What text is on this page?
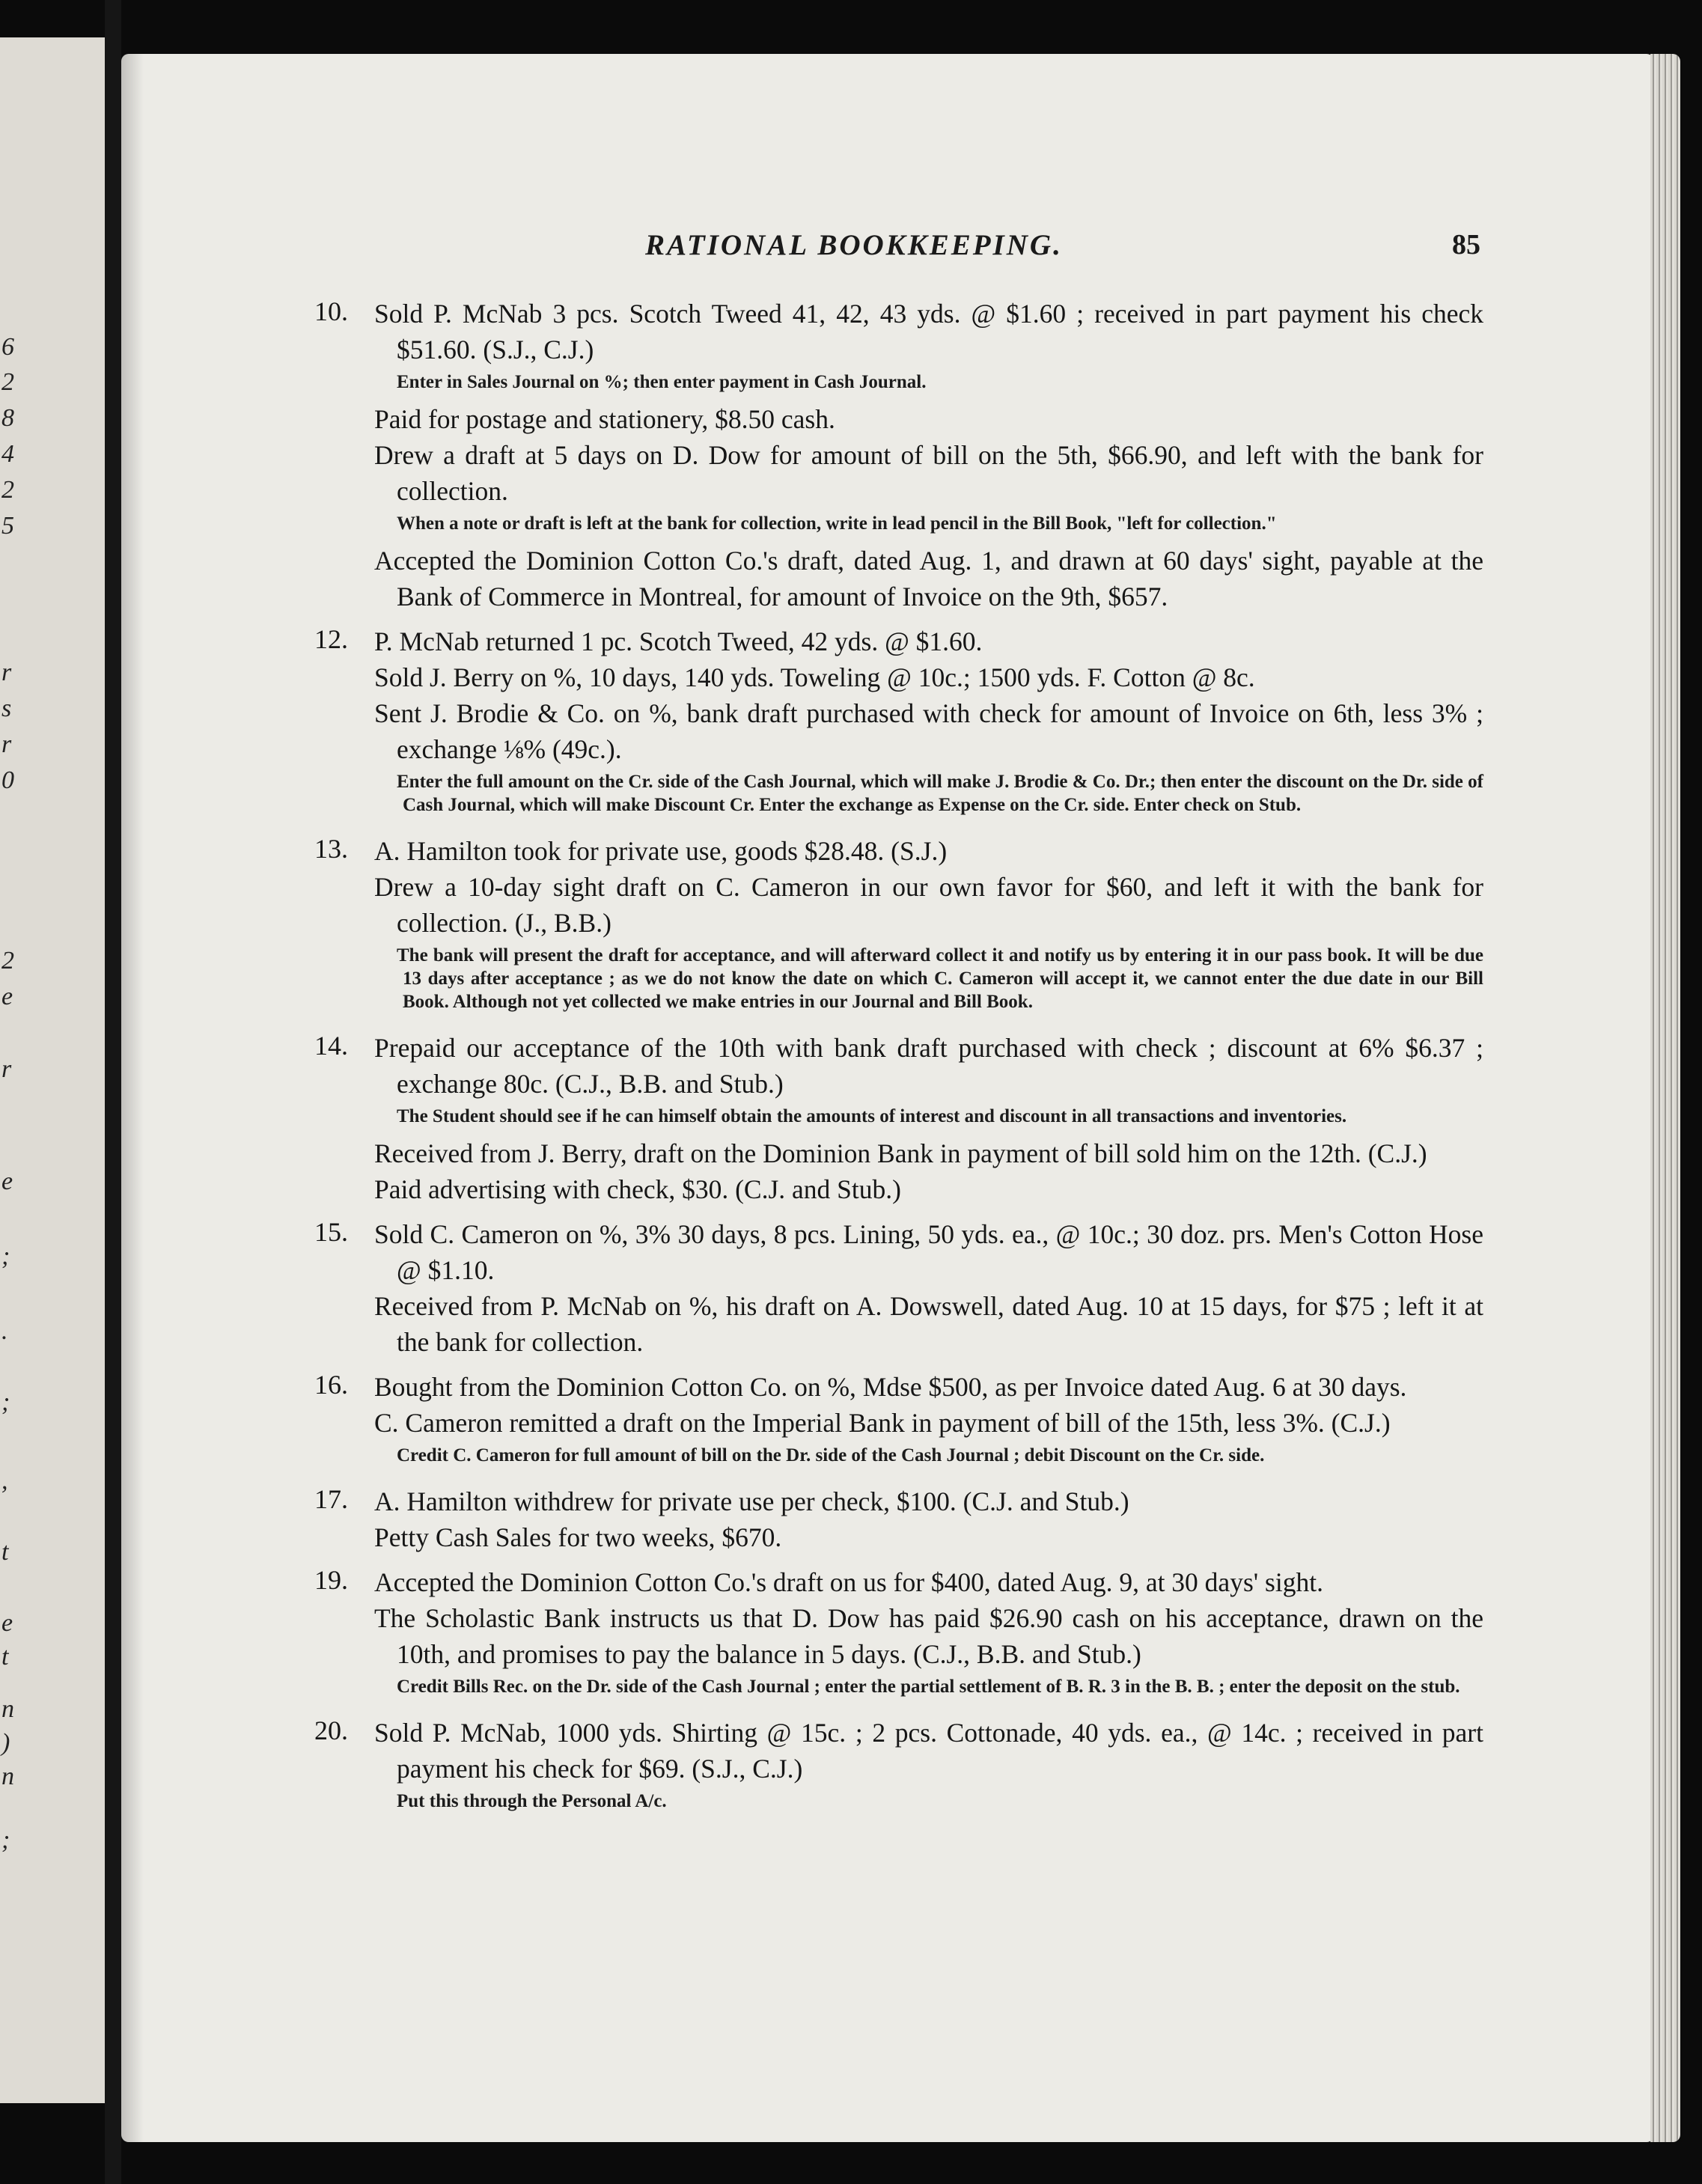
6
2
8
4
2
5
r
s
r
0
2
e
r
e
;
.
;
,
t
e
t
n
)
n
;
RATIONAL BOOKKEEPING.	85
10. Sold P. McNab 3 pcs. Scotch Tweed 41, 42, 43 yds. @ $1.60 ; received in part payment his check $51.60. (S.J., C.J.)

Enter in Sales Journal on %; then enter payment in Cash Journal.

Paid for postage and stationery, $8.50 cash.

Drew a draft at 5 days on D. Dow for amount of bill on the 5th, $66.90, and left with the bank for collection.

When a note or draft is left at the bank for collection, write in lead pencil in the Bill Book, "left for collection."

Accepted the Dominion Cotton Co.'s draft, dated Aug. 1, and drawn at 60 days' sight, payable at the Bank of Commerce in Montreal, for amount of Invoice on the 9th, $657.

12. P. McNab returned 1 pc. Scotch Tweed, 42 yds. @ $1.60.

Sold J. Berry on %, 10 days, 140 yds. Toweling @ 10c.; 1500 yds. F. Cotton @ 8c.

Sent J. Brodie & Co. on %, bank draft purchased with check for amount of Invoice on 6th, less 3% ; exchange ⅛% (49c.).

Enter the full amount on the Cr. side of the Cash Journal, which will make J. Brodie & Co. Dr.; then enter the discount on the Dr. side of Cash Journal, which will make Discount Cr. Enter the exchange as Expense on the Cr. side. Enter check on Stub.

13. A. Hamilton took for private use, goods $28.48. (S.J.)

Drew a 10-day sight draft on C. Cameron in our own favor for $60, and left it with the bank for collection. (J., B.B.)

The bank will present the draft for acceptance, and will afterward collect it and notify us by entering it in our pass book. It will be due 13 days after acceptance ; as we do not know the date on which C. Cameron will accept it, we cannot enter the due date in our Bill Book. Although not yet collected we make entries in our Journal and Bill Book.

14. Prepaid our acceptance of the 10th with bank draft purchased with check ; discount at 6% $6.37 ; exchange 80c. (C.J., B.B. and Stub.)

The Student should see if he can himself obtain the amounts of interest and discount in all transactions and inventories.

Received from J. Berry, draft on the Dominion Bank in payment of bill sold him on the 12th. (C.J.)

Paid advertising with check, $30. (C.J. and Stub.)

15. Sold C. Cameron on %, 3% 30 days, 8 pcs. Lining, 50 yds. ea., @ 10c.; 30 doz. prs. Men's Cotton Hose @ $1.10.

Received from P. McNab on %, his draft on A. Dowswell, dated Aug. 10 at 15 days, for $75 ; left it at the bank for collection.

16. Bought from the Dominion Cotton Co. on %, Mdse $500, as per Invoice dated Aug. 6 at 30 days.

C. Cameron remitted a draft on the Imperial Bank in payment of bill of the 15th, less 3%. (C.J.)

Credit C. Cameron for full amount of bill on the Dr. side of the Cash Journal ; debit Discount on the Cr. side.

17. A. Hamilton withdrew for private use per check, $100. (C.J. and Stub.)

Petty Cash Sales for two weeks, $670.

19. Accepted the Dominion Cotton Co.'s draft on us for $400, dated Aug. 9, at 30 days' sight.

The Scholastic Bank instructs us that D. Dow has paid $26.90 cash on his acceptance, drawn on the 10th, and promises to pay the balance in 5 days. (C.J., B.B. and Stub.)

Credit Bills Rec. on the Dr. side of the Cash Journal ; enter the partial settlement of B. R. 3 in the B. B. ; enter the deposit on the stub.

20. Sold P. McNab, 1000 yds. Shirting @ 15c. ; 2 pcs. Cottonade, 40 yds. ea., @ 14c. ; received in part payment his check for $69. (S.J., C.J.)

Put this through the Personal A/c.
